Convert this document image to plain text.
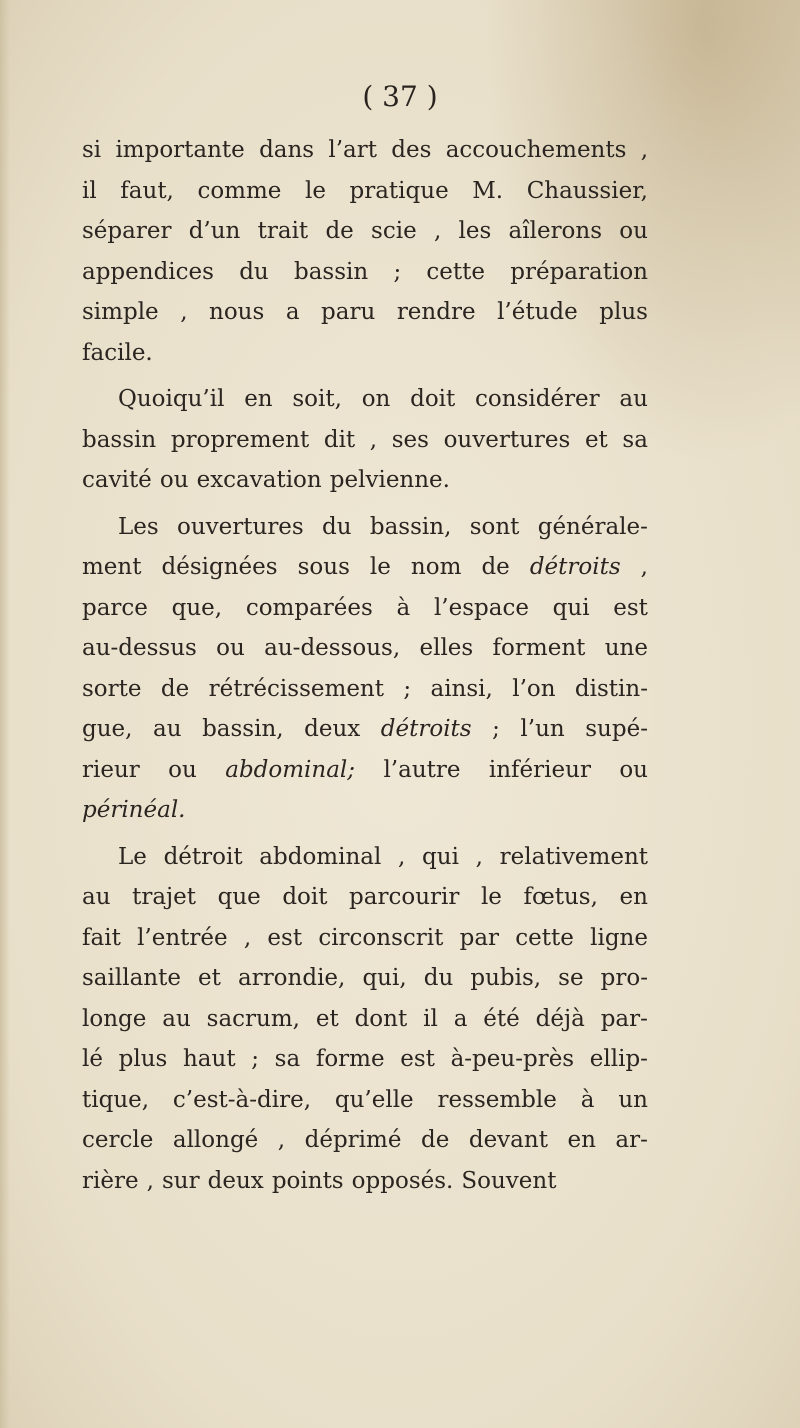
( 37 )
si importante dans l’art des accouchements ,
il faut, comme le pratique M. Chaussier,
séparer d’un trait de scie , les aîlerons ou
appendices du bassin ; cette préparation
simple , nous a paru rendre l’étude plus
facile.
Quoiqu’il en soit, on doit considérer au
bassin proprement dit , ses ouvertures et sa
cavité ou excavation pelvienne.
Les ouvertures du bassin, sont générale-
ment désignées sous le nom de détroits ,
parce que, comparées à l’espace qui est
au-dessus ou au-dessous, elles forment une
sorte de rétrécissement ; ainsi, l’on distin-
gue, au bassin, deux détroits ; l’un supé-
rieur ou abdominal; l’autre inférieur ou
périnéal.
Le détroit abdominal , qui , relativement
au trajet que doit parcourir le fœtus, en
fait l’entrée , est circonscrit par cette ligne
saillante et arrondie, qui, du pubis, se pro-
longe au sacrum, et dont il a été déjà par-
lé plus haut ; sa forme est à-peu-près ellip-
tique, c’est-à-dire, qu’elle ressemble à un
cercle allongé , déprimé de devant en ar-
rière , sur deux points opposés. Souvent
